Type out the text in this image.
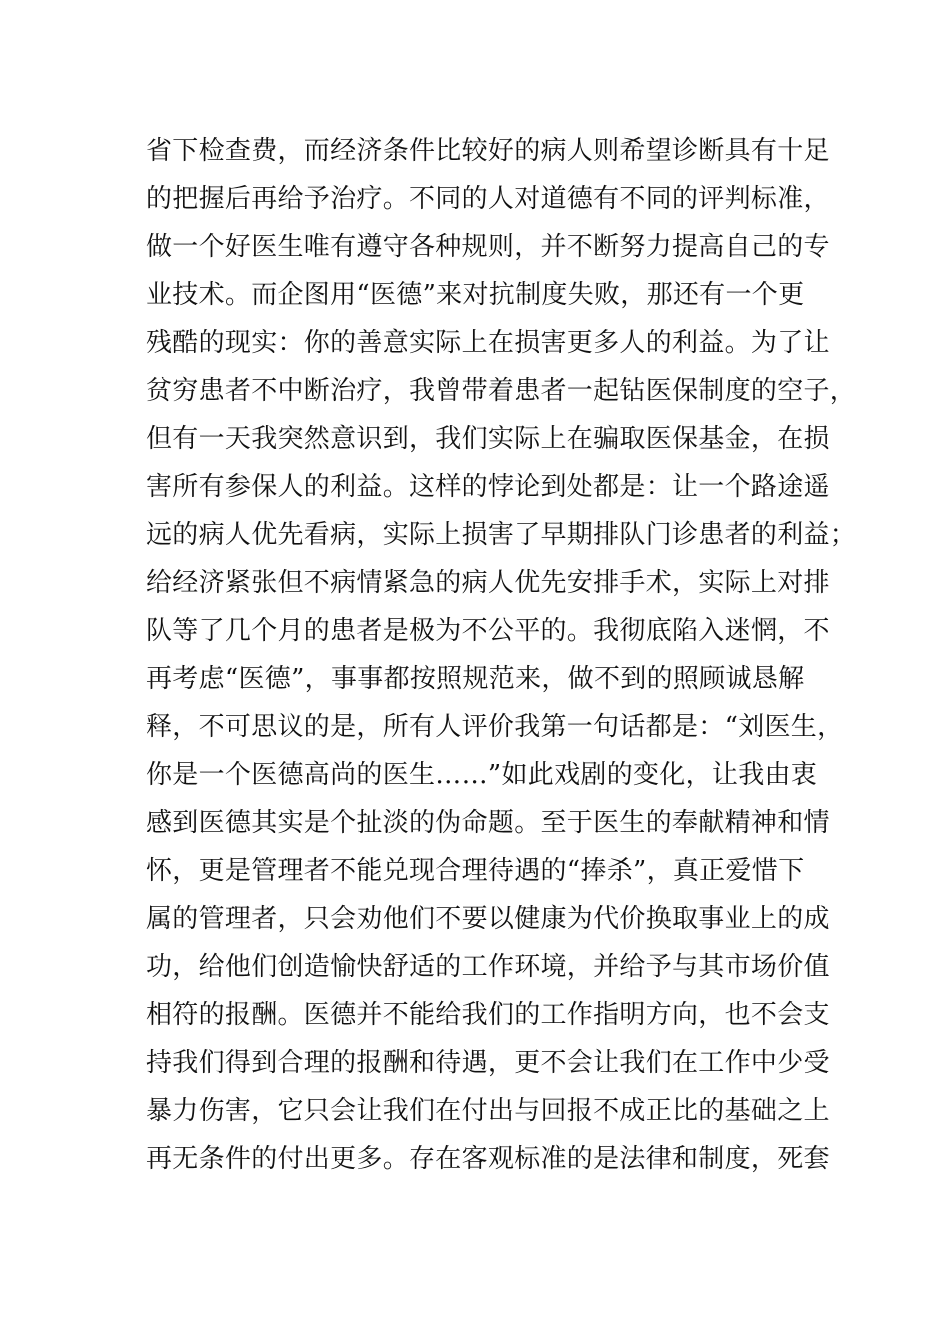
省下检查费，而经济条件比较好的病人则希望诊断具有十足
的把握后再给予治疗。不同的人对道德有不同的评判标准，
做一个好医生唯有遵守各种规则，并不断努力提高自己的专
业技术。而企图用“医德”来对抗制度失败，那还有一个更
残酷的现实：你的善意实际上在损害更多人的利益。为了让
贫穷患者不中断治疗，我曾带着患者一起钻医保制度的空子，
但有一天我突然意识到，我们实际上在骗取医保基金，在损
害所有参保人的利益。这样的悖论到处都是：让一个路途遥
远的病人优先看病，实际上损害了早期排队门诊患者的利益；
给经济紧张但不病情紧急的病人优先安排手术，实际上对排
队等了几个月的患者是极为不公平的。我彻底陷入迷惘，不
再考虑“医德”，事事都按照规范来，做不到的照顾诚恳解
释，不可思议的是，所有人评价我第一句话都是：“刘医生，
你是一个医德高尚的医生……”如此戏剧的变化，让我由衷
感到医德其实是个扯淡的伪命题。至于医生的奉献精神和情
怀，更是管理者不能兑现合理待遇的“捧杀”，真正爱惜下
属的管理者，只会劝他们不要以健康为代价换取事业上的成
功，给他们创造愉快舒适的工作环境，并给予与其市场价值
相符的报酬。医德并不能给我们的工作指明方向，也不会支
持我们得到合理的报酬和待遇，更不会让我们在工作中少受
暴力伤害，它只会让我们在付出与回报不成正比的基础之上
再无条件的付出更多。存在客观标准的是法律和制度，死套
